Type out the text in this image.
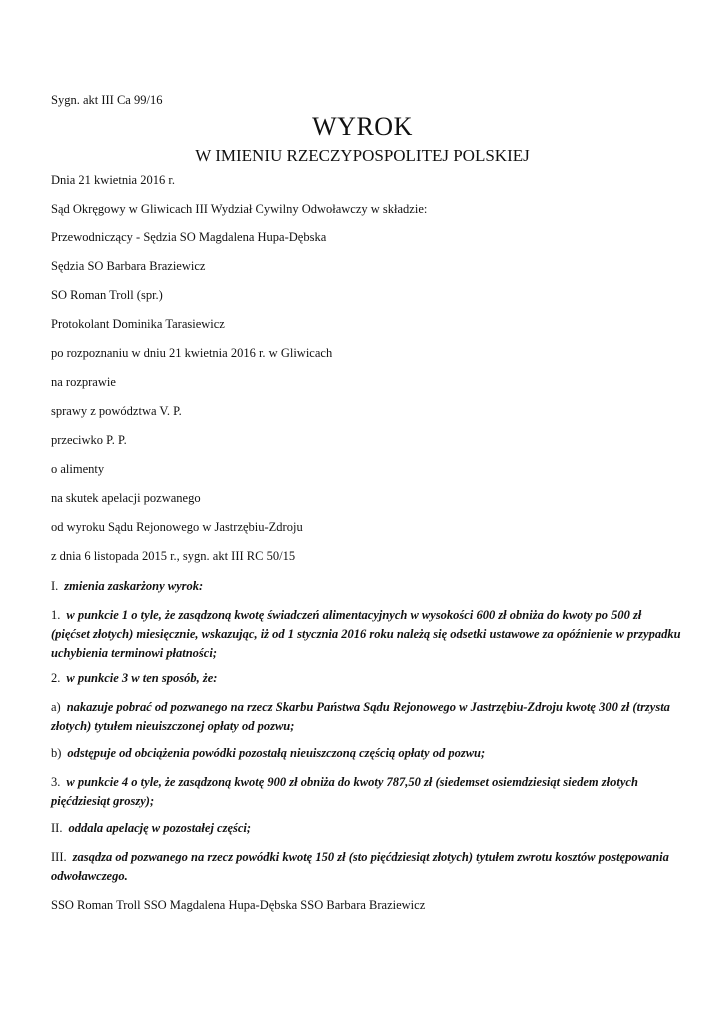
Sygn. akt III Ca 99/16
WYROK
W IMIENIU RZECZYPOSPOLITEJ POLSKIEJ
Dnia 21 kwietnia 2016 r.
Sąd Okręgowy w Gliwicach III Wydział Cywilny Odwoławczy w składzie:
Przewodniczący - Sędzia SO Magdalena Hupa-Dębska
Sędzia SO Barbara Braziewicz
SO Roman Troll (spr.)
Protokolant Dominika Tarasiewicz
po rozpoznaniu w dniu 21 kwietnia 2016 r. w Gliwicach
na rozprawie
sprawy z powództwa V. P.
przeciwko P. P.
o alimenty
na skutek apelacji pozwanego
od wyroku Sądu Rejonowego w Jastrzębiu-Zdroju
z dnia 6 listopada 2015 r., sygn. akt III RC 50/15
I. zmienia zaskarżony wyrok:
1. w punkcie 1 o tyle, że zasądzoną kwotę świadczeń alimentacyjnych w wysokości 600 zł obniża do kwoty po 500 zł (pięćset złotych) miesięcznie, wskazując, iż od 1 stycznia 2016 roku należą się odsetki ustawowe za opóźnienie w przypadku uchybienia terminowi płatności;
2. w punkcie 3 w ten sposób, że:
a) nakazuje pobrać od pozwanego na rzecz Skarbu Państwa Sądu Rejonowego w Jastrzębiu-Zdroju kwotę 300 zł (trzysta złotych) tytułem nieuiszczonej opłaty od pozwu;
b) odstępuje od obciążenia powódki pozostałą nieuiszczoną częścią opłaty od pozwu;
3. w punkcie 4 o tyle, że zasądzoną kwotę 900 zł obniża do kwoty 787,50 zł (siedemset osiemdziesiąt siedem złotych pięćdziesiąt groszy);
II. oddala apelację w pozostałej części;
III. zasądza od pozwanego na rzecz powódki kwotę 150 zł (sto pięćdziesiąt złotych) tytułem zwrotu kosztów postępowania odwoławczego.
SSO Roman Troll SSO Magdalena Hupa-Dębska SSO Barbara Braziewicz
